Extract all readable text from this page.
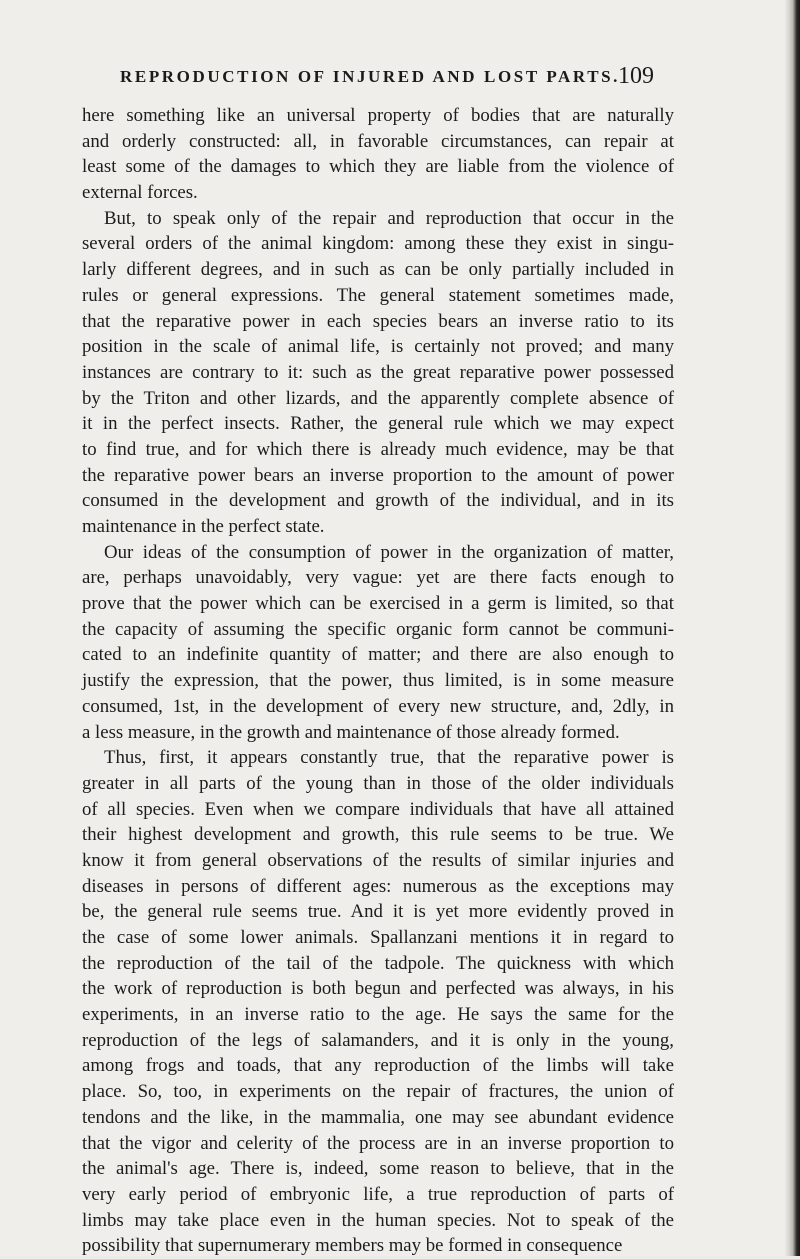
REPRODUCTION OF INJURED AND LOST PARTS.
109
here something like an universal property of bodies that are naturally
and orderly constructed: all, in favorable circumstances, can repair at
least some of the damages to which they are liable from the violence of
external forces.
But, to speak only of the repair and reproduction that occur in the
several orders of the animal kingdom: among these they exist in singu-
larly different degrees, and in such as can be only partially included in
rules or general expressions. The general statement sometimes made,
that the reparative power in each species bears an inverse ratio to its
position in the scale of animal life, is certainly not proved; and many
instances are contrary to it: such as the great reparative power possessed
by the Triton and other lizards, and the apparently complete absence of
it in the perfect insects. Rather, the general rule which we may expect
to find true, and for which there is already much evidence, may be that
the reparative power bears an inverse proportion to the amount of power
consumed in the development and growth of the individual, and in its
maintenance in the perfect state.
Our ideas of the consumption of power in the organization of matter,
are, perhaps unavoidably, very vague: yet are there facts enough to
prove that the power which can be exercised in a germ is limited, so that
the capacity of assuming the specific organic form cannot be communi-
cated to an indefinite quantity of matter; and there are also enough to
justify the expression, that the power, thus limited, is in some measure
consumed, 1st, in the development of every new structure, and, 2dly, in
a less measure, in the growth and maintenance of those already formed.
Thus, first, it appears constantly true, that the reparative power is
greater in all parts of the young than in those of the older individuals
of all species. Even when we compare individuals that have all attained
their highest development and growth, this rule seems to be true. We
know it from general observations of the results of similar injuries and
diseases in persons of different ages: numerous as the exceptions may
be, the general rule seems true. And it is yet more evidently proved in
the case of some lower animals. Spallanzani mentions it in regard to
the reproduction of the tail of the tadpole. The quickness with which
the work of reproduction is both begun and perfected was always, in his
experiments, in an inverse ratio to the age. He says the same for the
reproduction of the legs of salamanders, and it is only in the young,
among frogs and toads, that any reproduction of the limbs will take
place. So, too, in experiments on the repair of fractures, the union of
tendons and the like, in the mammalia, one may see abundant evidence
that the vigor and celerity of the process are in an inverse proportion to
the animal's age. There is, indeed, some reason to believe, that in the
very early period of embryonic life, a true reproduction of parts of
limbs may take place even in the human species. Not to speak of the
possibility that supernumerary members may be formed in consequence
